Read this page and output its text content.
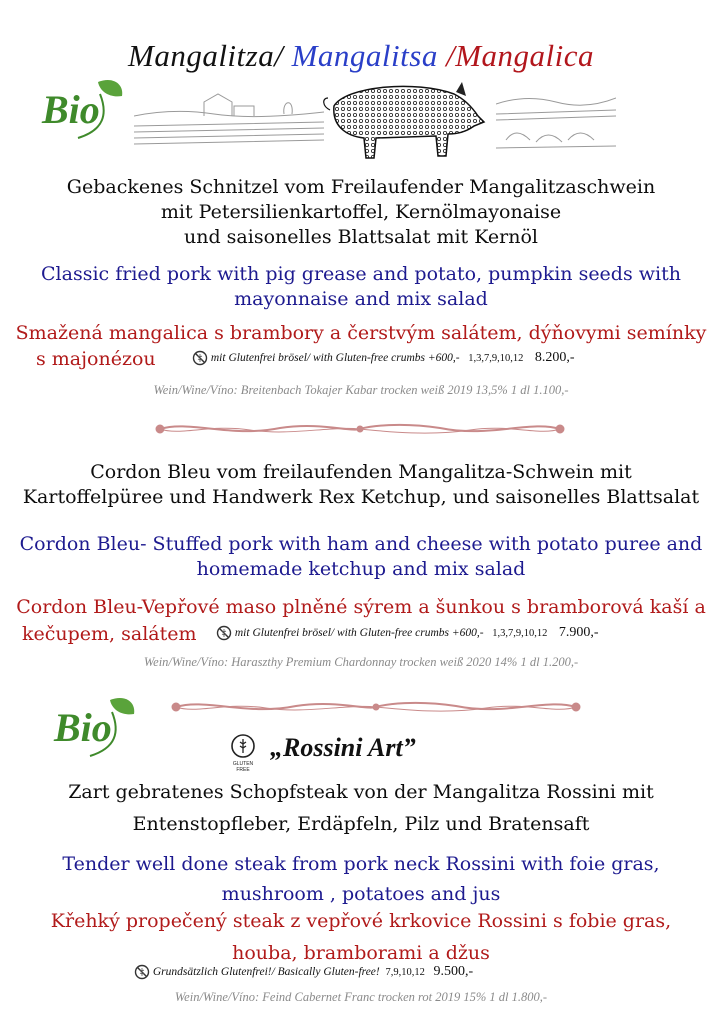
Mangalitza/ Mangalitsa /Mangalica
Bio
Gebackenes Schnitzel vom Freilaufender Mangalitzaschwein
mit Petersilienkartoffel, Kernölmayonaise
und saisonelles Blattsalat mit Kernöl
Classic fried pork with pig grease and potato, pumpkin seeds with
mayonnaise and mix salad
Smažená mangalica s brambory a čerstvým salátem, dýňovymi semínky
s majonézou	mit Glutenfrei brösel/ with Gluten-free crumbs +600,- 1,3,7,9,10,12 8.200,-
Wein/Wine/Víno: Breitenbach Tokajer Kabar trocken weiß 2019 13,5% 1 dl 1.100,-
Cordon Bleu vom freilaufenden Mangalitza-Schwein mit
Kartoffelpüree und Handwerk Rex Ketchup, und saisonelles Blattsalat
Cordon Bleu- Stuffed pork with ham and cheese with potato puree and
homemade ketchup and mix salad
Cordon Bleu-Vepřové maso plněné sýrem a šunkou s bramborová kaší a
kečupem, salátem	mit Glutenfrei brösel/ with Gluten-free crumbs +600,- 1,3,7,9,10,12 7.900,-
Wein/Wine/Víno: Haraszthy Premium Chardonnay trocken weiß 2020 14% 1 dl 1.200,-
Bio
GLUTEN FREE
„Rossini Art”
Zart gebratenes Schopfsteak von der Mangalitza Rossini mit
Entenstopfleber, Erdäpfeln, Pilz und Bratensaft
Tender well done steak from pork neck Rossini with foie gras,
mushroom , potatoes and jus
Křehký propečený steak z vepřové krkovice Rossini s fobie gras,
houba, bramborami a džus
Grundsätzlich Glutenfrei!/ Basically Gluten-free! 7,9,10,12 9.500,-
Wein/Wine/Víno: Feind Cabernet Franc trocken rot 2019 15% 1 dl 1.800,-
